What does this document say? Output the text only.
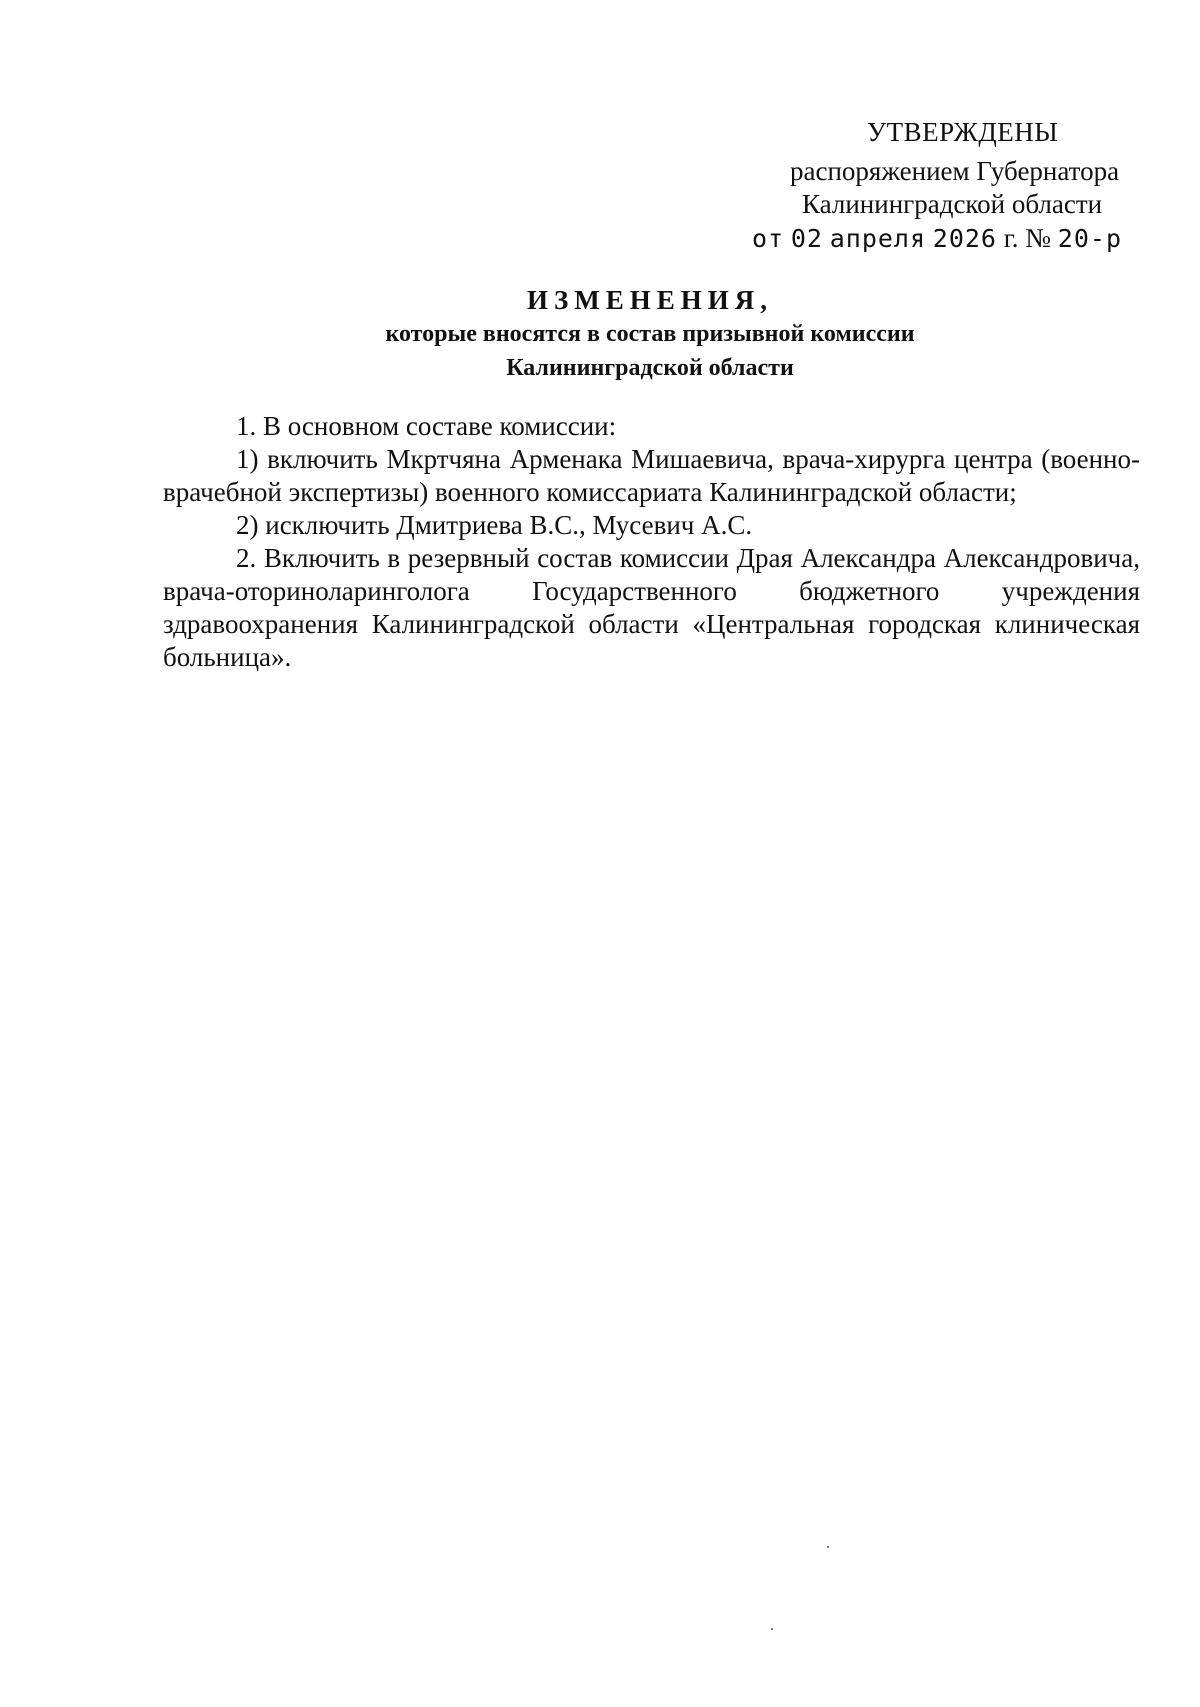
УТВЕРЖДЕНЫ
распоряжением Губернатора
Калининградской области
от 02 апреля 2026 г. № 20-р
ИЗМЕНЕНИЯ,
которые вносятся в состав призывной комиссии
Калининградской области

1. В основном составе комиссии:

1) включить Мкртчяна Арменака Мишаевича, врача-хирурга центра (военно-врачебной экспертизы) военного комиссариата Калининградской области;

2) исключить Дмитриева В.С., Мусевич А.С.

2. Включить в резервный состав комиссии Драя Александра Александровича, врача-оториноларинголога Государственного бюджетного учреждения здравоохранения Калининградской области «Центральная городская клиническая больница».
